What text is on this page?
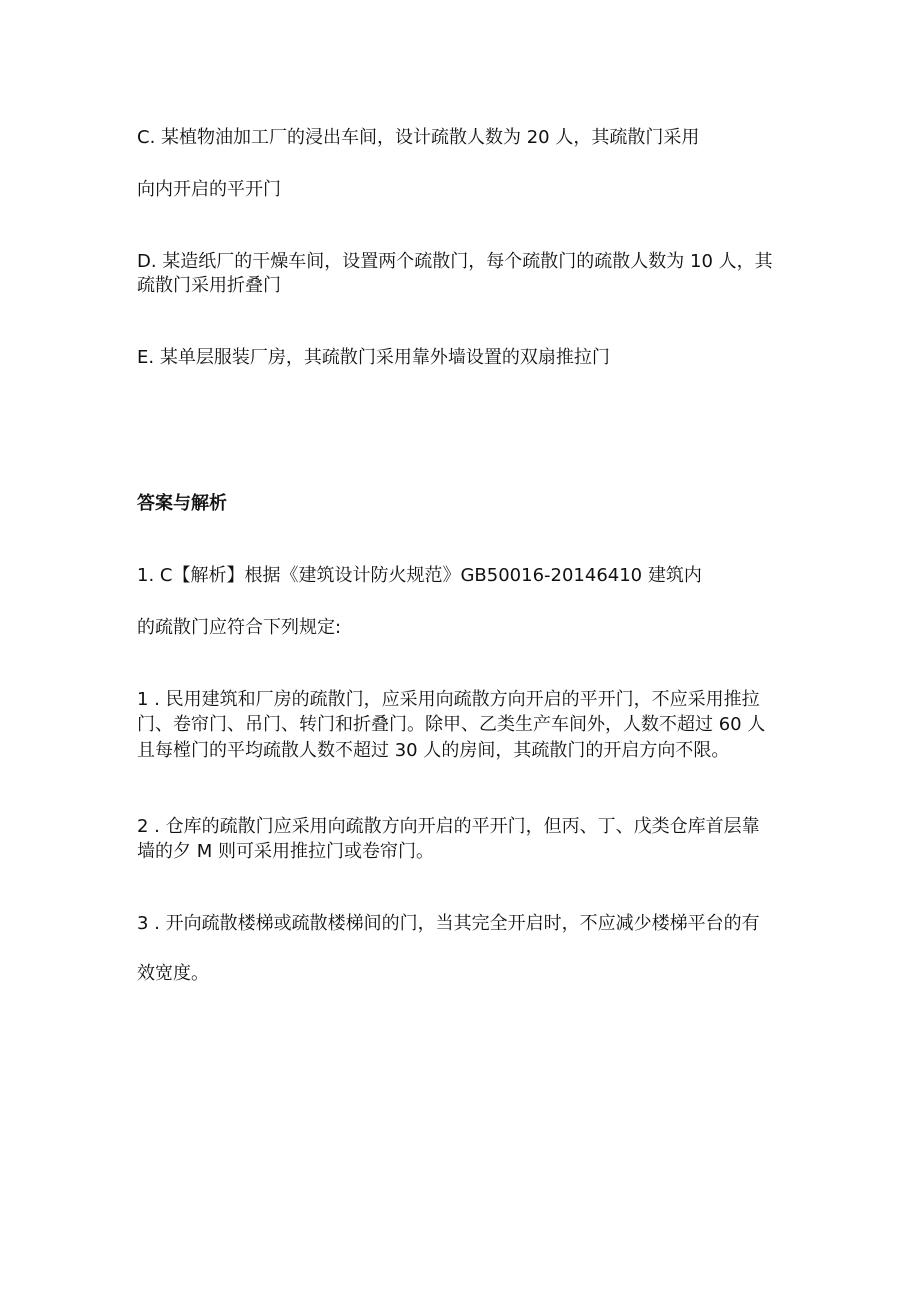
C. 某植物油加工厂的浸出车间，设计疏散人数为 20 人，其疏散门采用
向内开启的平开门
D. 某造纸厂的干燥车间，设置两个疏散门，每个疏散门的疏散人数为 10 人，其
疏散门采用折叠门
E. 某单层服装厂房，其疏散门采用靠外墙设置的双扇推拉门
答案与解析
1. C【解析】根据《建筑设计防火规范》GB50016-20146410 建筑内
的疏散门应符合下列规定:
1 . 民用建筑和厂房的疏散门，应采用向疏散方向开启的平开门，不应采用推拉
门、卷帘门、吊门、转门和折叠门。除甲、乙类生产车间外，人数不超过 60 人
且每樘门的平均疏散人数不超过 30 人的房间，其疏散门的开启方向不限。
2 . 仓库的疏散门应采用向疏散方向开启的平开门，但丙、丁、戊类仓库首层靠
墙的夕 M 则可采用推拉门或卷帘门。
3 . 开向疏散楼梯或疏散楼梯间的门，当其完全开启时，不应减少楼梯平台的有
效宽度。
